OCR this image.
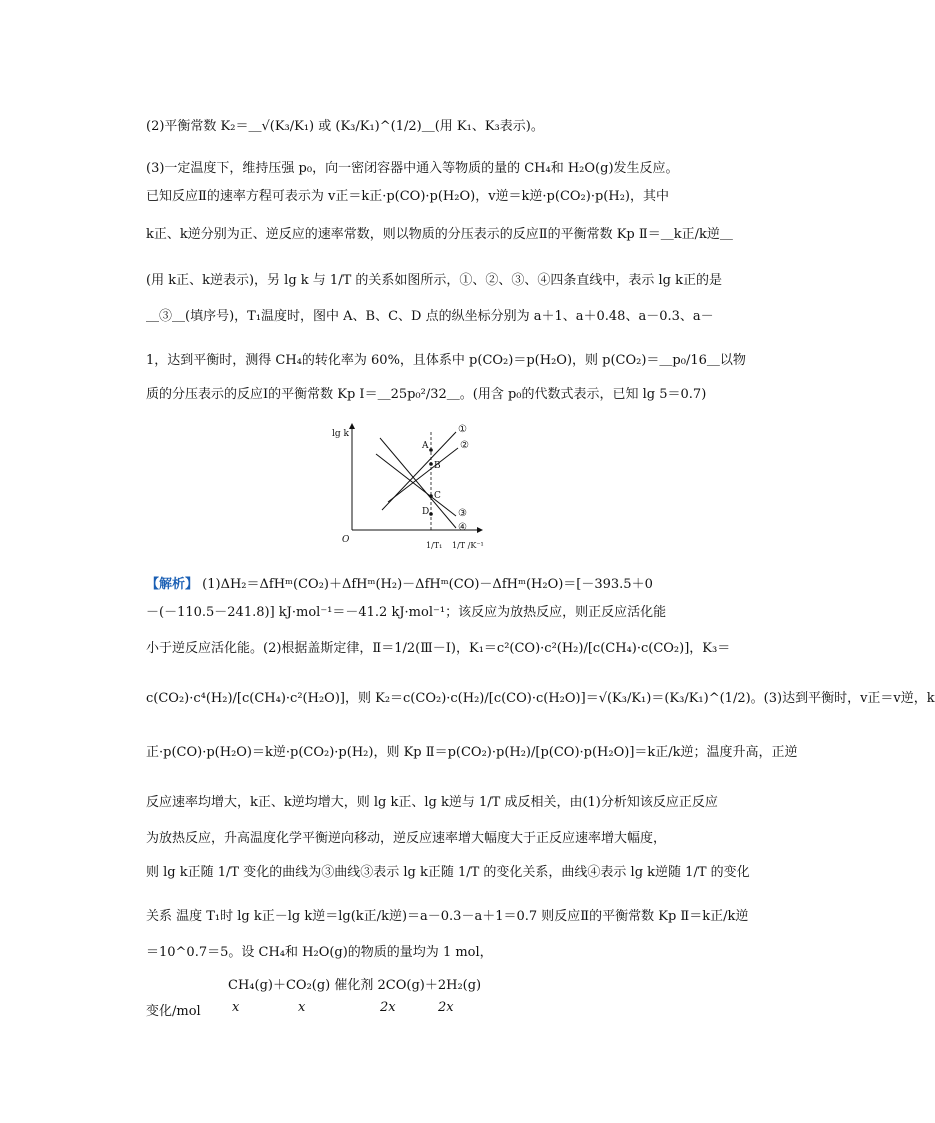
(2)平衡常数 K₂＝＿√(K₃/K₁) 或 (K₃/K₁)^(1/2)＿(用 K₁、K₃表示)。
(3)一定温度下，维持压强 p₀，向一密闭容器中通入等物质的量的 CH₄和 H₂O(g)发生反应。
已知反应Ⅱ的速率方程可表示为 v正＝k正·p(CO)·p(H₂O)，v逆＝k逆·p(CO₂)·p(H₂)，其中
k正、k逆分别为正、逆反应的速率常数，则以物质的分压表示的反应Ⅱ的平衡常数 Kp Ⅱ＝＿k正/k逆＿
(用 k正、k逆表示)，另 lg k 与 1/T 的关系如图所示，①、②、③、④四条直线中，表示 lg k正的是
＿③＿(填序号)，T₁温度时，图中 A、B、C、D 点的纵坐标分别为 a＋1、a＋0.48、a－0.3、a－
1，达到平衡时，测得 CH₄的转化率为 60%，且体系中 p(CO₂)＝p(H₂O)，则 p(CO₂)＝＿p₀/16＿以物
质的分压表示的反应Ⅰ的平衡常数 Kp Ⅰ＝＿25p₀²/32＿。(用含 p₀的代数式表示，已知 lg 5＝0.7)
lg k
O
1/T₁ 1/T /K⁻¹
①
②
③
④
A
B
C
D
【解析】 (1)ΔH₂＝ΔfHᵐ(CO₂)＋ΔfHᵐ(H₂)－ΔfHᵐ(CO)－ΔfHᵐ(H₂O)＝[－393.5＋0
－(－110.5－241.8)] kJ·mol⁻¹＝－41.2 kJ·mol⁻¹；该反应为放热反应，则正反应活化能
小于逆反应活化能。(2)根据盖斯定律，Ⅱ＝1/2(Ⅲ－Ⅰ)，K₁＝c²(CO)·c²(H₂)/[c(CH₄)·c(CO₂)]，K₃＝
c(CO₂)·c⁴(H₂)/[c(CH₄)·c²(H₂O)]，则 K₂＝c(CO₂)·c(H₂)/[c(CO)·c(H₂O)]＝√(K₃/K₁)＝(K₃/K₁)^(1/2)。(3)达到平衡时，v正＝v逆，k
正·p(CO)·p(H₂O)＝k逆·p(CO₂)·p(H₂)，则 Kp Ⅱ＝p(CO₂)·p(H₂)/[p(CO)·p(H₂O)]＝k正/k逆；温度升高，正逆
反应速率均增大，k正、k逆均增大，则 lg k正、lg k逆与 1/T 成反相关，由(1)分析知该反应正反应
为放热反应，升高温度化学平衡逆向移动，逆反应速率增大幅度大于正反应速率增大幅度，
则 lg k正随 1/T 变化的曲线为③曲线③表示 lg k正随 1/T 的变化关系，曲线④表示 lg k逆随 1/T 的变化
关系 温度 T₁时 lg k正－lg k逆＝lg(k正/k逆)＝a－0.3－a＋1＝0.7 则反应Ⅱ的平衡常数 Kp Ⅱ＝k正/k逆
＝10^0.7＝5。设 CH₄和 H₂O(g)的物质的量均为 1 mol，
CH₄(g)＋CO₂(g) 催化剂 2CO(g)＋2H₂(g)
变化/mol x	x	2x	2x
